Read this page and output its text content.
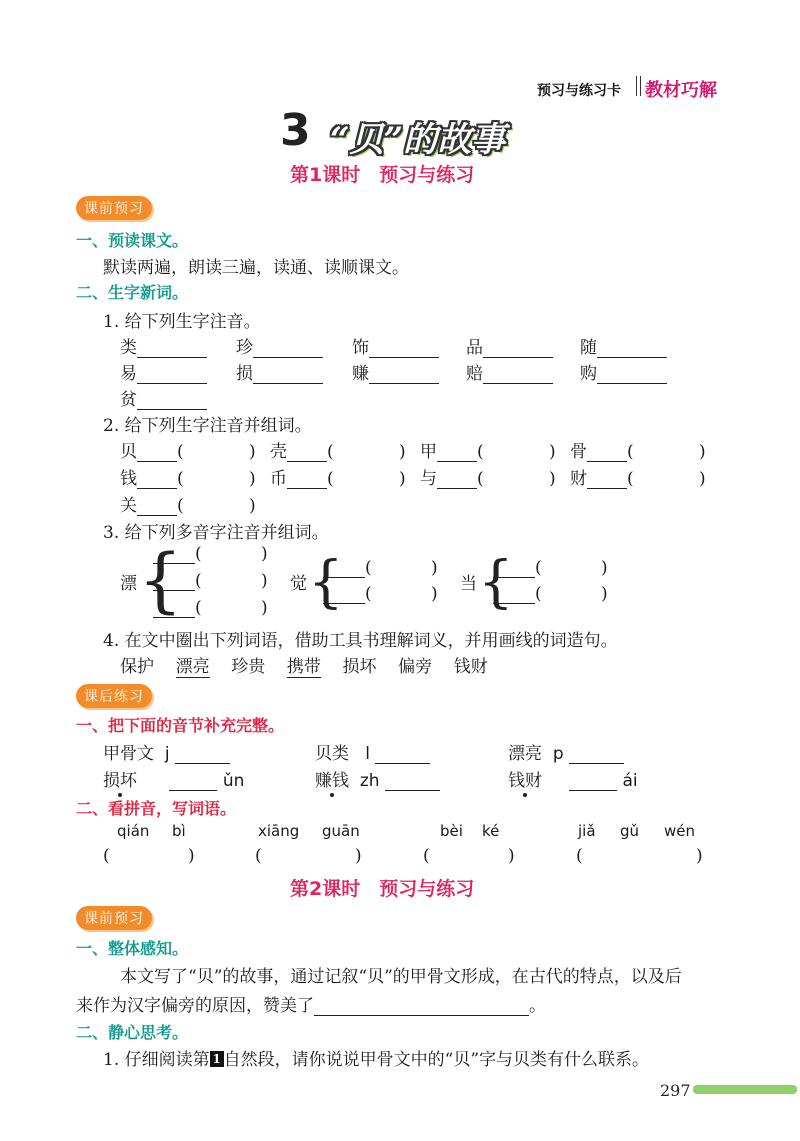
预习与练习卡 教材巧解
3 “贝”的故事
第1课时　预习与练习
课前预习
一、预读课文。
默读两遍，朗读三遍，读通、读顺课文。
二、生字新词。
1. 给下列生字注音。
类	珍	饰	品	随
易	损	赚	赔	购
贫
2. 给下列生字注音并组词。
贝 (	) 壳 (	) 甲 (	) 骨 (	)
钱 (	) 币 (	) 与 (	) 财 (	)
关 (	)
3. 给下列多音字注音并组词。
漂 { (	)
(	)
(	)
觉 {	(	)
(	) 当 {	(	)
(	)
4. 在文中圈出下列词语，借助工具书理解词义，并用画线的词造句。
保护 漂亮 珍贵 携带 损坏 偏旁 钱财
课后练习
一、把下面的音节补充完整。
甲骨文 j	贝类 l	漂亮 p
损坏	ǔn	赚钱 zh	钱财	ái
二、看拼音，写词语。
qián bì	xiāng guān	bèi ké	jiǎ gǔ wén
(	)	(	)	(	)	(	)
第2课时　预习与练习
课前预习
一、整体感知。
本文写了“贝”的故事，通过记叙“贝”的甲骨文形成，在古代的特点，以及后
来作为汉字偏旁的原因，赞美了	。
二、静心思考。
1. 仔细阅读第 1 自然段，请你说说甲骨文中的“贝”字与贝类有什么联系。
297
